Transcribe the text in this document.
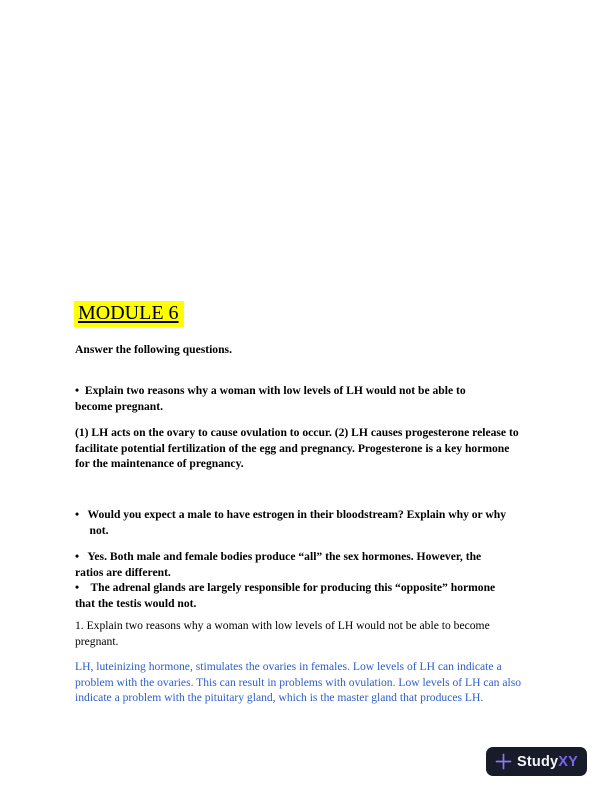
MODULE 6
Answer the following questions.
•  Explain two reasons why a woman with low levels of LH would not be able to
become pregnant.
(1) LH acts on the ovary to cause ovulation to occur. (2) LH causes progesterone release to
facilitate potential fertilization of the egg and pregnancy. Progesterone is a key hormone
for the maintenance of pregnancy.
•   Would you expect a male to have estrogen in their bloodstream? Explain why or why
not.
•   Yes. Both male and female bodies produce “all” the sex hormones. However, the
ratios are different.
•    The adrenal glands are largely responsible for producing this “opposite” hormone
that the testis would not.
1. Explain two reasons why a woman with low levels of LH would not be able to become
pregnant.
LH, luteinizing hormone, stimulates the ovaries in females. Low levels of LH can indicate a
problem with the ovaries. This can result in problems with ovulation. Low levels of LH can also
indicate a problem with the pituitary gland, which is the master gland that produces LH.
StudyXY
